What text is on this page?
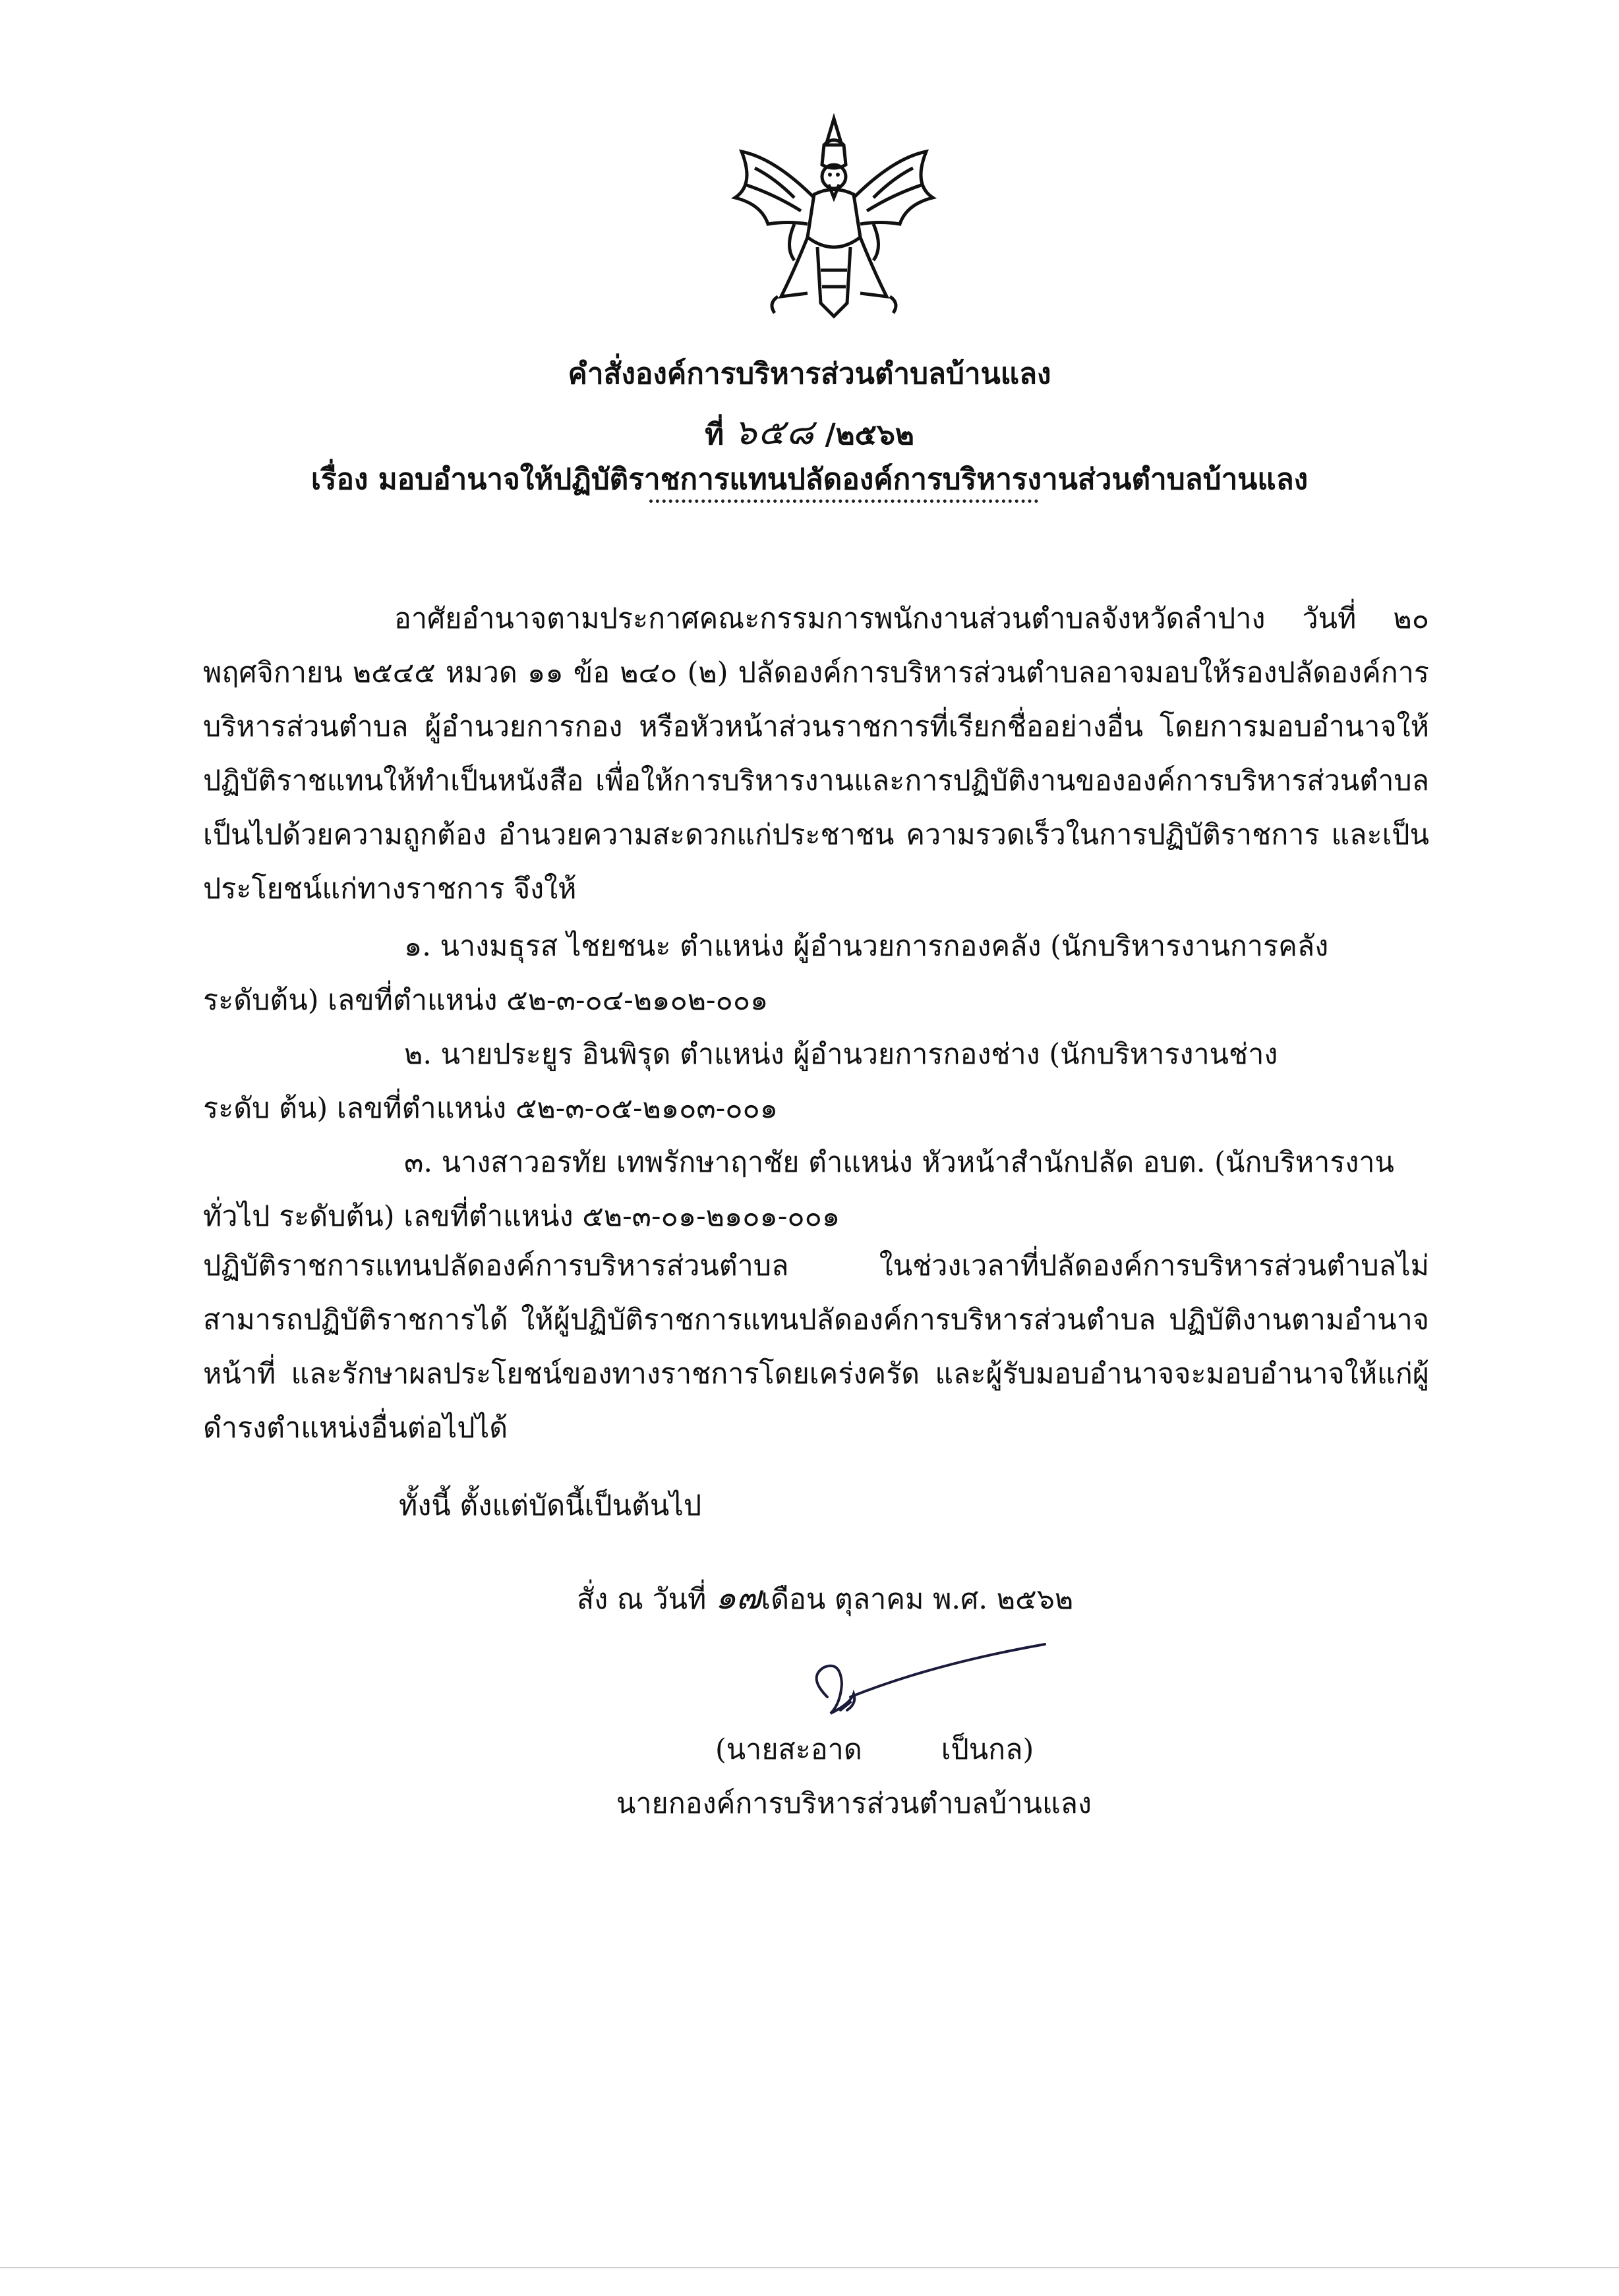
คำสั่งองค์การบริหารส่วนตำบลบ้านแลง
ที่ ๖๕๘ /๒๕๖๒
เรื่อง มอบอำนาจให้ปฏิบัติราชการแทนปลัดองค์การบริหารงานส่วนตำบลบ้านแลง
อาศัยอำนาจตามประกาศคณะกรรมการพนักงานส่วนตำบลจังหวัดลำปาง วันที่ ๒๐ พฤศจิกายน ๒๕๔๕ หมวด ๑๑ ข้อ ๒๔๐ (๒) ปลัดองค์การบริหารส่วนตำบลอาจมอบให้รองปลัดองค์การบริหารส่วนตำบล ผู้อำนวยการกอง หรือหัวหน้าส่วนราชการที่เรียกชื่ออย่างอื่น โดยการมอบอำนาจให้ปฏิบัติราชแทนให้ทำเป็นหนังสือ เพื่อให้การบริหารงานและการปฏิบัติงานขององค์การบริหารส่วนตำบลเป็นไปด้วยความถูกต้อง อำนวยความสะดวกแก่ประชาชน ความรวดเร็วในการปฏิบัติราชการ และเป็นประโยชน์แก่ทางราชการ จึงให้

๑. นางมธุรส ไชยชนะ ตำแหน่ง ผู้อำนวยการกองคลัง (นักบริหารงานการคลัง
ระดับต้น) เลขที่ตำแหน่ง ๕๒-๓-๐๔-๒๑๐๒-๐๐๑

๒. นายประยูร อินพิรุด ตำแหน่ง ผู้อำนวยการกองช่าง (นักบริหารงานช่าง
ระดับ ต้น) เลขที่ตำแหน่ง ๕๒-๓-๐๕-๒๑๐๓-๐๐๑

๓. นางสาวอรทัย เทพรักษาฤาชัย ตำแหน่ง หัวหน้าสำนักปลัด อบต. (นักบริหารงาน
ทั่วไป ระดับต้น) เลขที่ตำแหน่ง ๕๒-๓-๐๑-๒๑๐๑-๐๐๑

ปฏิบัติราชการแทนปลัดองค์การบริหารส่วนตำบล ในช่วงเวลาที่ปลัดองค์การบริหารส่วนตำบลไม่สามารถปฏิบัติราชการได้ ให้ผู้ปฏิบัติราชการแทนปลัดองค์การบริหารส่วนตำบล ปฏิบัติงานตามอำนาจ หน้าที่ และรักษาผลประโยชน์ของทางราชการโดยเคร่งครัด และผู้รับมอบอำนาจจะมอบอำนาจให้แก่ผู้ดำรงตำแหน่งอื่นต่อไปได้
ทั้งนี้ ตั้งแต่บัดนี้เป็นต้นไป
สั่ง ณ วันที่ ๑๗เดือน ตุลาคม พ.ศ. ๒๕๖๒
(นายสะอาด	เป็นกล)
นายกองค์การบริหารส่วนตำบลบ้านแลง
